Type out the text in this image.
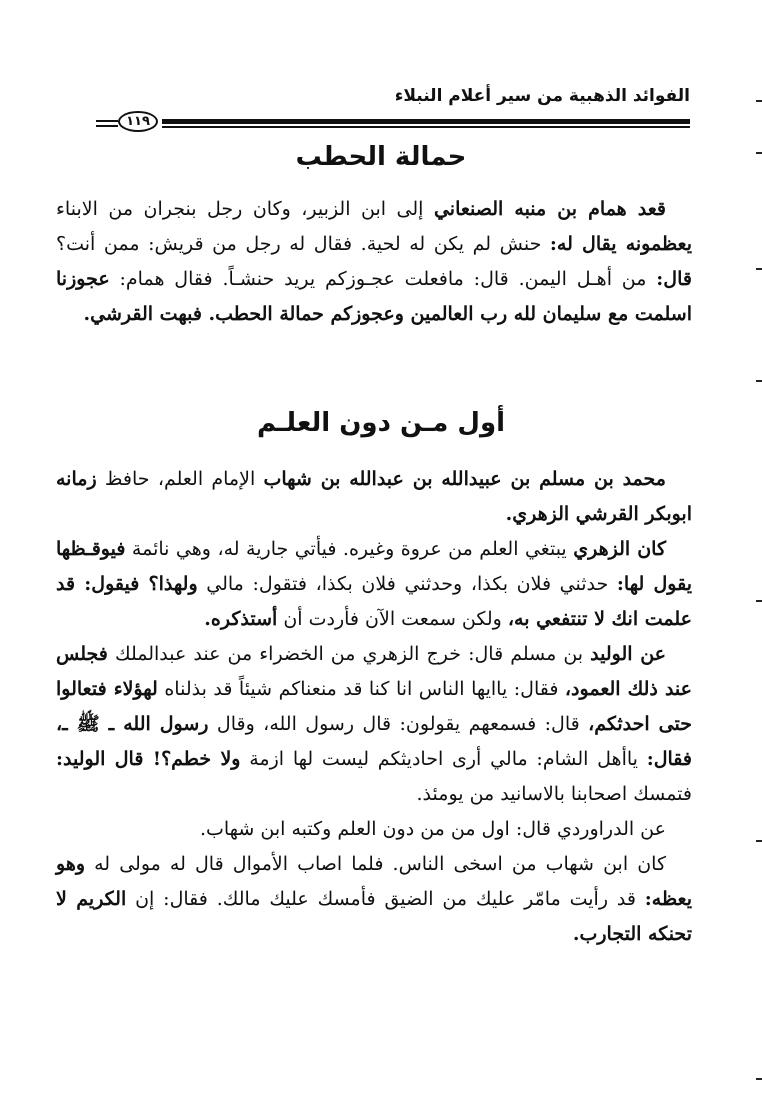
الفوائد الذهبية من سير أعلام النبلاء
١١٩
حمالة الحطب

قعد همام بن منبه الصنعاني إلى ابن الزبير، وكان رجل بنجران من الابناء يعظمونه يقال له: حنش لم يكن له لحية. فقال له رجل من قريش: ممن أنت؟ قال: من أهـل اليمن. قال: مافعلت عجـوزكم يريد حنشـاً. فقال همام: عجوزنا اسلمت مع سليمان لله رب العالمين وعجوزكم حمالة الحطب. فبهت القرشي.

أول مـن دون العلـم

محمد بن مسلم بن عبيدالله بن عبدالله بن شهاب الإمام العلم، حافظ زمانه ابوبكر القرشي الزهري.

كان الزهري يبتغي العلم من عروة وغيره. فيأتي جارية له، وهي نائمة فيوقـظها يقول لها: حدثني فلان بكذا، وحدثني فلان بكذا، فتقول: مالي ولهذا؟ فيقول: قد علمت انك لا تنتفعي به، ولكن سمعت الآن فأردت أن أستذكره.

عن الوليد بن مسلم قال: خرج الزهري من الخضراء من عند عبدالملك فجلس عند ذلك العمود، فقال: ياايها الناس انا كنا قد منعناكم شيئاً قد بذلناه لهؤلاء فتعالوا حتى احدثكم، قال: فسمعهم يقولون: قال رسول الله، وقال رسول الله ـ ﷺ ـ، فقال: ياأهل الشام: مالي أرى احاديثكم ليست لها ازمة ولا خطم؟! قال الوليد: فتمسك اصحابنا بالاسانيد من يومئذ.

عن الدراوردي قال: اول من من دون العلم وكتبه ابن شهاب.

كان ابن شهاب من اسخى الناس. فلما اصاب الأموال قال له مولى له وهو يعظه: قد رأيت مامّر عليك من الضيق فأمسك عليك مالك. فقال: إن الكريم لا تحنكه التجارب.
